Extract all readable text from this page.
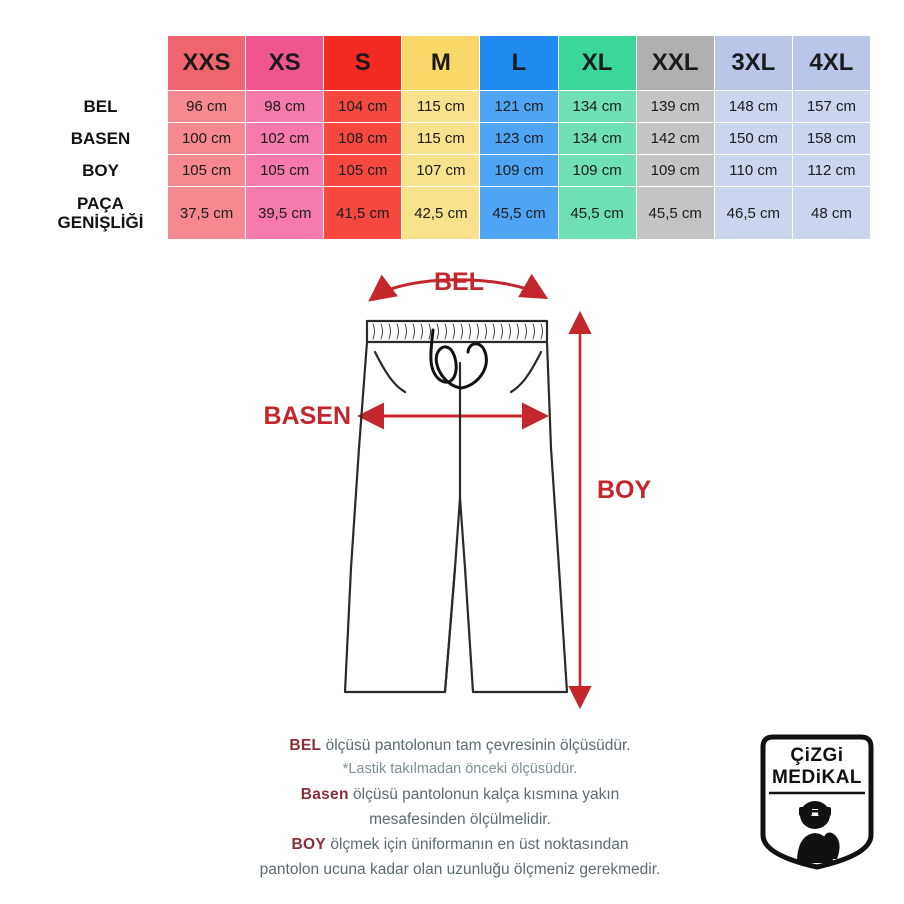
	XXS	XS	S	M	L	XL	XXL	3XL	4XL
BEL	96 cm	98 cm	104 cm	115 cm	121 cm	134 cm	139 cm	148 cm	157 cm
BASEN	100 cm	102 cm	108 cm	115 cm	123 cm	134 cm	142 cm	150 cm	158 cm
BOY	105 cm	105 cm	105 cm	107 cm	109 cm	109 cm	109 cm	110 cm	112 cm

PAÇA
GENİŞLİĞİ	37,5 cm	39,5 cm	41,5 cm	42,5 cm	45,5 cm	45,5 cm	45,5 cm	46,5 cm	48 cm
BEL
BASEN
BOY
BEL ölçüsü pantolonun tam çevresinin ölçüsüdür.
*Lastik takılmadan önceki ölçüsüdür.
Basen ölçüsü pantolonun kalça kısmına yakın
mesafesinden ölçülmelidir.
BOY ölçmek için üniformanın en üst noktasından
pantolon ucuna kadar olan uzunluğu ölçmeniz gerekmedir.
ÇiZGi
MEDiKAL
